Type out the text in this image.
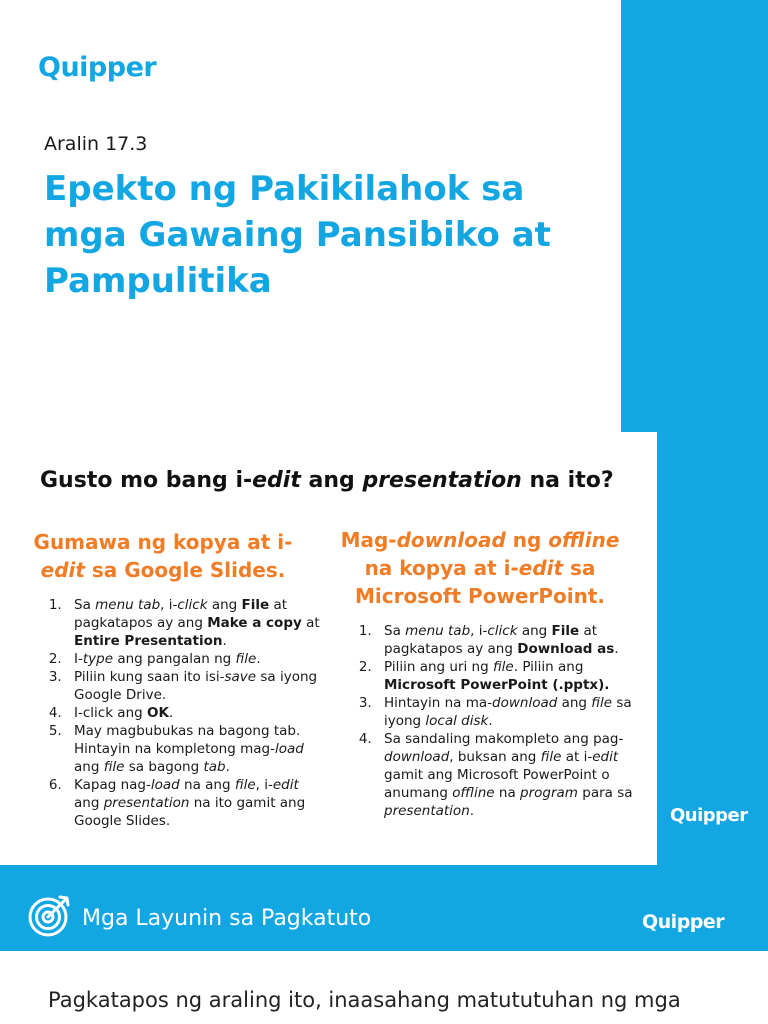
Quipper
Aralin 17.3
Epekto ng Pakikilahok sa mga Gawaing Pansibiko at Pampulitika
Quipper
Gusto mo bang i-edit ang presentation na ito?
Gumawa ng kopya at i-edit sa Google Slides.
1. Sa menu tab, i-click ang File at pagkatapos ay ang Make a copy at Entire Presentation.
2. I-type ang pangalan ng file.
3. Piliin kung saan ito isi-save sa iyong Google Drive.
4. I-click ang OK.
5. May magbubukas na bagong tab. Hintayin na kompletong mag-load ang file sa bagong tab.
6. Kapag nag-load na ang file, i-edit ang presentation na ito gamit ang Google Slides.
Mag-download ng offline na kopya at i-edit sa Microsoft PowerPoint.
1. Sa menu tab, i-click ang File at pagkatapos ay ang Download as.
2. Piliin ang uri ng file. Piliin ang Microsoft PowerPoint (.pptx).
3. Hintayin na ma-download ang file sa iyong local disk.
4. Sa sandaling makompleto ang pag-download, buksan ang file at i-edit gamit ang Microsoft PowerPoint o anumang offline na program para sa presentation.
Mga Layunin sa Pagkatuto	Quipper
Pagkatapos ng araling ito, inaasahang matututuhan ng mga
